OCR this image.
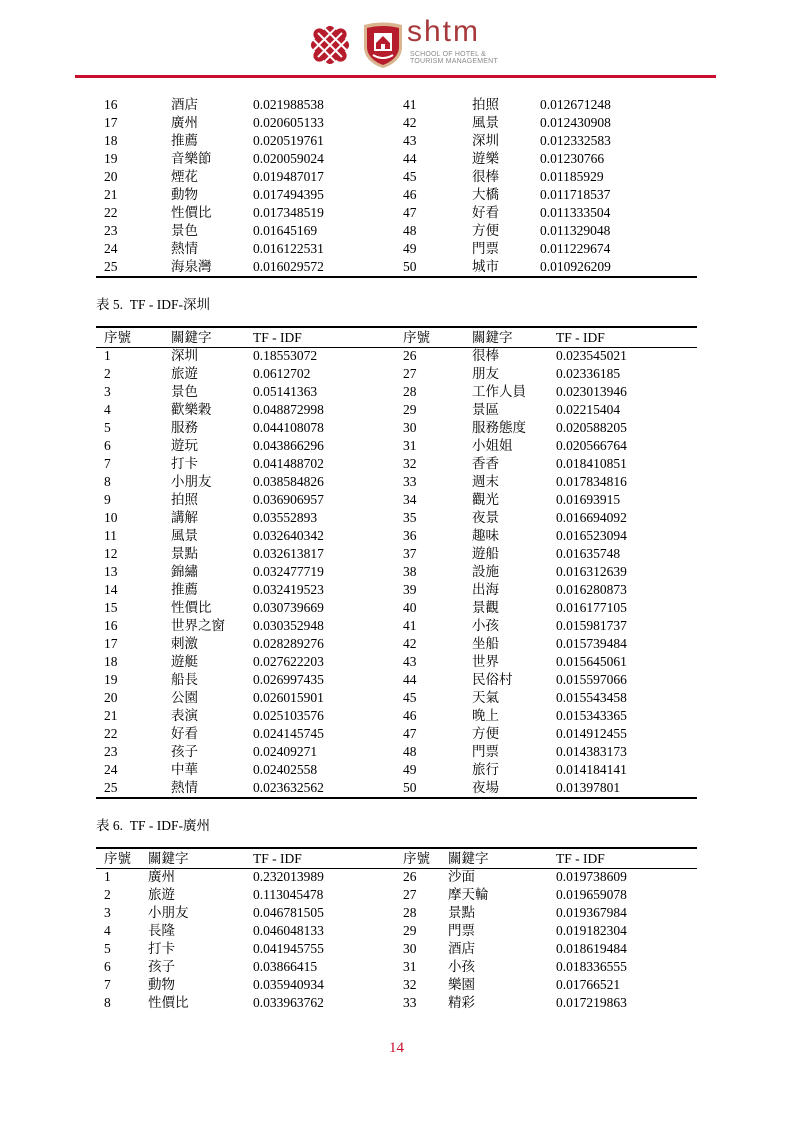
shtm
SCHOOL OF HOTEL &
TOURISM MANAGEMENT
16	酒店	0.021988538	41	拍照	0.012671248
17	廣州	0.020605133	42	風景	0.012430908
18	推薦	0.020519761	43	深圳	0.012332583
19	音樂節	0.020059024	44	遊樂	0.01230766
20	煙花	0.019487017	45	很棒	0.01185929
21	動物	0.017494395	46	大橋	0.011718537
22	性價比	0.017348519	47	好看	0.011333504
23	景色	0.01645169	48	方便	0.011329048
24	熱情	0.016122531	49	門票	0.011229674
25	海泉灣	0.016029572	50	城市	0.010926209
表 5.  TF - IDF-深圳
序號	關鍵字	TF - IDF	序號	關鍵字	TF - IDF
1	深圳	0.18553072	26	很棒	0.023545021
2	旅遊	0.0612702	27	朋友	0.02336185
3	景色	0.05141363	28	工作人員 0.023013946
4	歡樂穀	0.048872998	29	景區	0.02215404
5	服務	0.044108078	30	服務態度 0.020588205
6	遊玩	0.043866296	31	小姐姐	0.020566764
7	打卡	0.041488702	32	香香	0.018410851
8	小朋友	0.038584826	33	週末	0.017834816
9	拍照	0.036906957	34	觀光	0.01693915
10	講解	0.03552893	35	夜景	0.016694092
11	風景	0.032640342	36	趣味	0.016523094
12	景點	0.032613817	37	遊船	0.01635748
13	錦繡	0.032477719	38	設施	0.016312639
14	推薦	0.032419523	39	出海	0.016280873
15	性價比	0.030739669	40	景觀	0.016177105
16	世界之窗 0.030352948	41	小孩	0.015981737
17	刺激	0.028289276	42	坐船	0.015739484
18	遊艇	0.027622203	43	世界	0.015645061
19	船長	0.026997435	44	民俗村	0.015597066
20	公園	0.026015901	45	天氣	0.015543458
21	表演	0.025103576	46	晚上	0.015343365
22	好看	0.024145745	47	方便	0.014912455
23	孩子	0.02409271	48	門票	0.014383173
24	中華	0.02402558	49	旅行	0.014184141
25	熱情	0.023632562	50	夜場	0.01397801
表 6.  TF - IDF-廣州
序號 關鍵字	TF - IDF	序號 關鍵字	TF - IDF
1	廣州	0.232013989	26 沙面	0.019738609
2	旅遊	0.113045478	27 摩天輪	0.019659078
3	小朋友	0.046781505	28 景點	0.019367984
4	長隆	0.046048133	29 門票	0.019182304
5	打卡	0.041945755	30 酒店	0.018619484
6	孩子	0.03866415	31 小孩	0.018336555
7	動物	0.035940934	32 樂園	0.01766521
8	性價比	0.033963762	33 精彩	0.017219863
14
